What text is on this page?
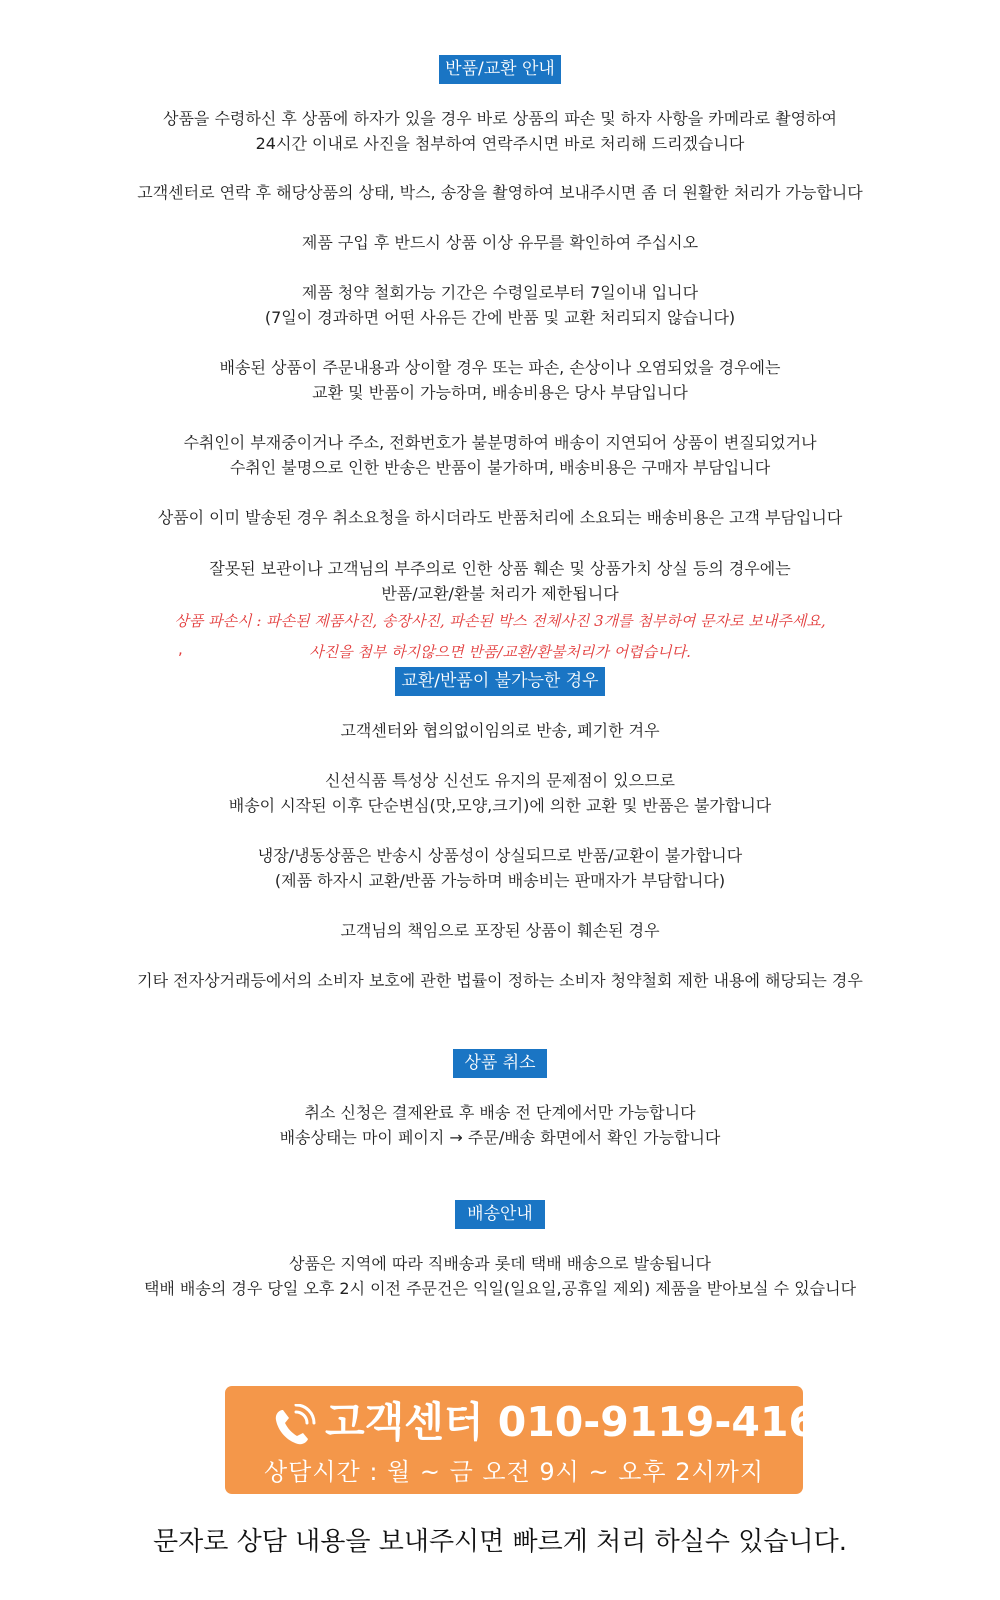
반품/교환 안내
상품을 수령하신 후 상품에 하자가 있을 경우 바로 상품의 파손 및 하자 사항을 카메라로 촬영하여
24시간 이내로 사진을 첨부하여 연락주시면 바로 처리해 드리겠습니다
고객센터로 연락 후 해당상품의 상태, 박스, 송장을 촬영하여 보내주시면 좀 더 원활한 처리가 가능합니다
제품 구입 후 반드시 상품 이상 유무를 확인하여 주십시오
제품 청약 철회가능 기간은 수령일로부터 7일이내 입니다
(7일이 경과하면 어떤 사유든 간에 반품 및 교환 처리되지 않습니다)
배송된 상품이 주문내용과 상이할 경우 또는 파손, 손상이나 오염되었을 경우에는
교환 및 반품이 가능하며, 배송비용은 당사 부담입니다
수취인이 부재중이거나 주소, 전화번호가 불분명하여 배송이 지연되어 상품이 변질되었거나
수취인 불명으로 인한 반송은 반품이 불가하며, 배송비용은 구매자 부담입니다
상품이 이미 발송된 경우 취소요청을 하시더라도 반품처리에 소요되는 배송비용은 고객 부담입니다
잘못된 보관이나 고객님의 부주의로 인한 상품 훼손 및 상품가치 상실 등의 경우에는
반품/교환/환불 처리가 제한됩니다
상품 파손시 : 파손된 제품사진, 송장사진, 파손된 박스 전체사진 3개를 첨부하여 문자로 보내주세요,
사진을 첨부 하지않으면 반품/교환/환불처리가 어렵습니다.
,
교환/반품이 불가능한 경우
고객센터와 협의없이임의로 반송, 폐기한 겨우
신선식품 특성상 신선도 유지의 문제점이 있으므로
배송이 시작된 이후 단순변심(맛,모양,크기)에 의한 교환 및 반품은 불가합니다
냉장/냉동상품은 반송시 상품성이 상실되므로 반품/교환이 불가합니다
(제품 하자시 교환/반품 가능하며 배송비는 판매자가 부담합니다)
고객님의 책임으로 포장된 상품이 훼손된 경우
기타 전자상거래등에서의 소비자 보호에 관한 법률이 정하는 소비자 청약철회 제한 내용에 해당되는 경우
상품 취소
취소 신청은 결제완료 후 배송 전 단계에서만 가능합니다
배송상태는 마이 페이지 → 주문/배송 화면에서 확인 가능합니다
배송안내
상품은 지역에 따라 직배송과 롯데 택배 배송으로 발송됩니다
택배 배송의 경우 당일 오후 2시 이전 주문건은 익일(일요일,공휴일 제외) 제품을 받아보실 수 있습니다
고객센터 010-9119-4168
상담시간 : 월 ~ 금 오전 9시 ~ 오후 2시까지
문자로 상담 내용을 보내주시면 빠르게 처리 하실수 있습니다.
